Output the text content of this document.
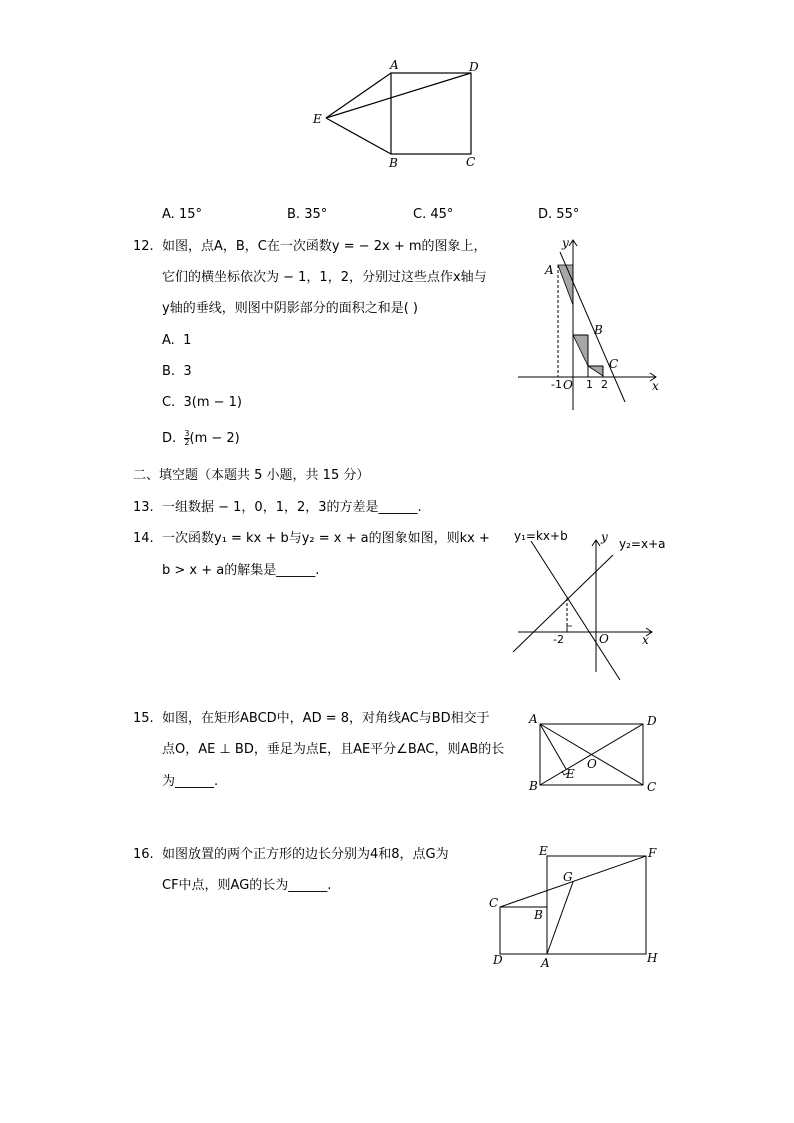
A	D
E
B	C
A. 15°	B. 35°	C. 45°	D. 55°
12. 如图，点A，B，C在一次函数y = − 2x + m的图象上，
它们的横坐标依次为 − 1，1，2，分别过这些点作x轴与
y轴的垂线，则图中阴影部分的面积之和是( )
A. 1
B. 3
C. 3(m − 1)
D. $\frac{3}{2} (m - 2)$
y
x
A
B
C
-1 O 1 2
二、填空题（本题共 5 小题，共 15 分）
13. 一组数据 − 1，0，1，2，3的方差是______.
14. 一次函数y₁ = kx + b与y₂ = x + a的图象如图，则kx +
b > x + a的解集是______.
y₁=kx+b
y₂=x+a
y
x
-2	O
15. 如图，在矩形ABCD中，AD = 8，对角线AC与BD相交于
点O，AE ⊥ BD，垂足为点E，且AE平分∠BAC，则AB的长
为______.
A	D
B	C
E
O
16. 如图放置的两个正方形的边长分别为4和8，点G为
CF中点，则AG的长为______.
E	F
G
C
B
D	A	H
